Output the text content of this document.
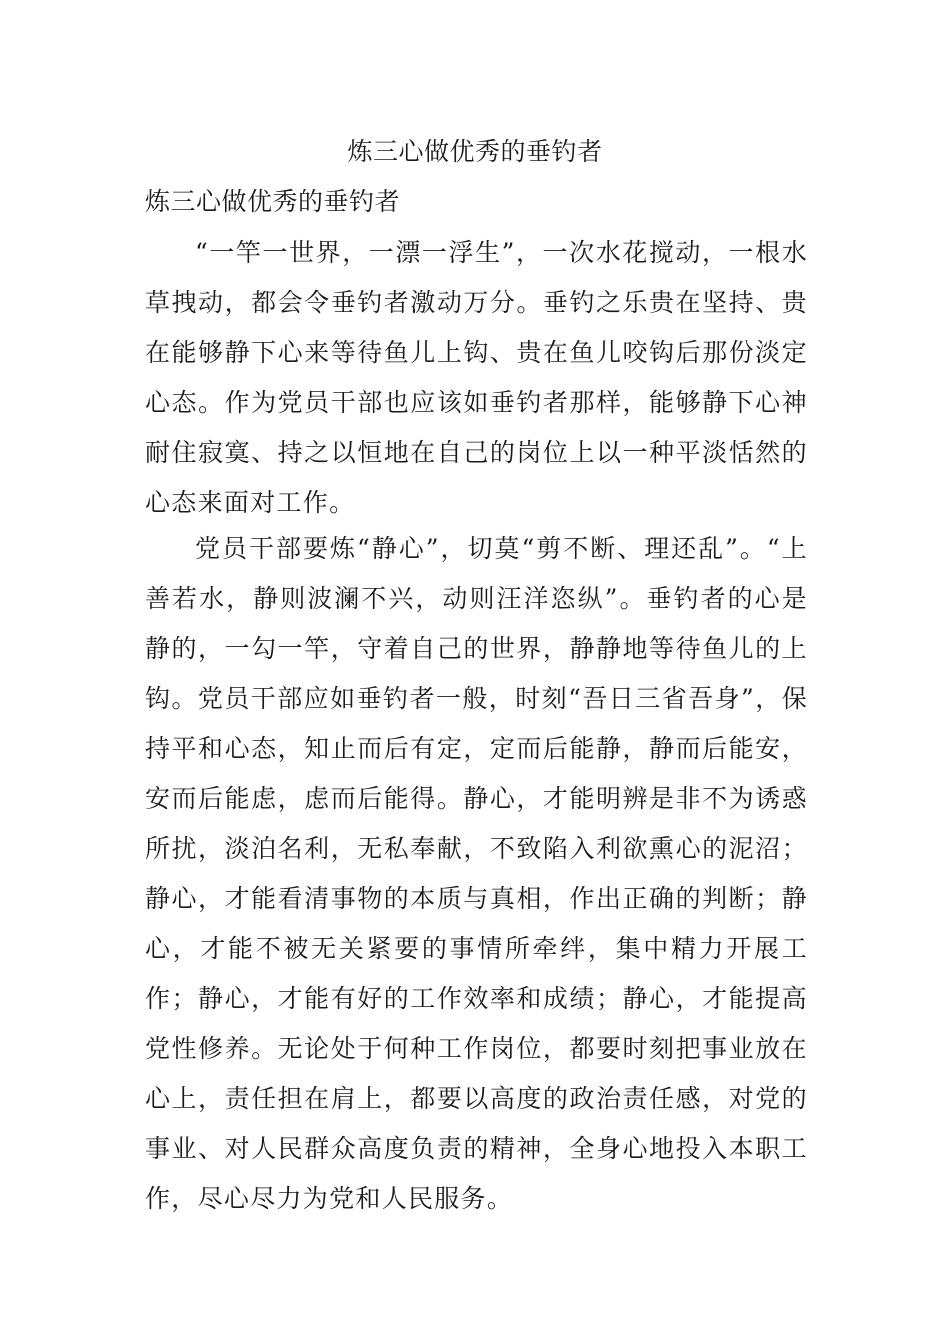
炼三心做优秀的垂钓者
炼三心做优秀的垂钓者

“一竿一世界，一漂一浮生”，一次水花搅动，一根水草拽动，都会令垂钓者激动万分。垂钓之乐贵在坚持、贵在能够静下心来等待鱼儿上钩、贵在鱼儿咬钩后那份淡定心态。作为党员干部也应该如垂钓者那样，能够静下心神耐住寂寞、持之以恒地在自己的岗位上以一种平淡恬然的心态来面对工作。

党员干部要炼“静心”，切莫“剪不断、理还乱”。“上善若水，静则波澜不兴，动则汪洋恣纵”。垂钓者的心是静的，一勾一竿，守着自己的世界，静静地等待鱼儿的上钩。党员干部应如垂钓者一般，时刻“吾日三省吾身”，保持平和心态，知止而后有定，定而后能静，静而后能安，安而后能虑，虑而后能得。静心，才能明辨是非不为诱惑所扰，淡泊名利，无私奉献，不致陷入利欲熏心的泥沼；静心，才能看清事物的本质与真相，作出正确的判断；静心，才能不被无关紧要的事情所牵绊，集中精力开展工作；静心，才能有好的工作效率和成绩；静心，才能提高党性修养。无论处于何种工作岗位，都要时刻把事业放在心上，责任担在肩上，都要以高度的政治责任感，对党的事业、对人民群众高度负责的精神，全身心地投入本职工作，尽心尽力为党和人民服务。
